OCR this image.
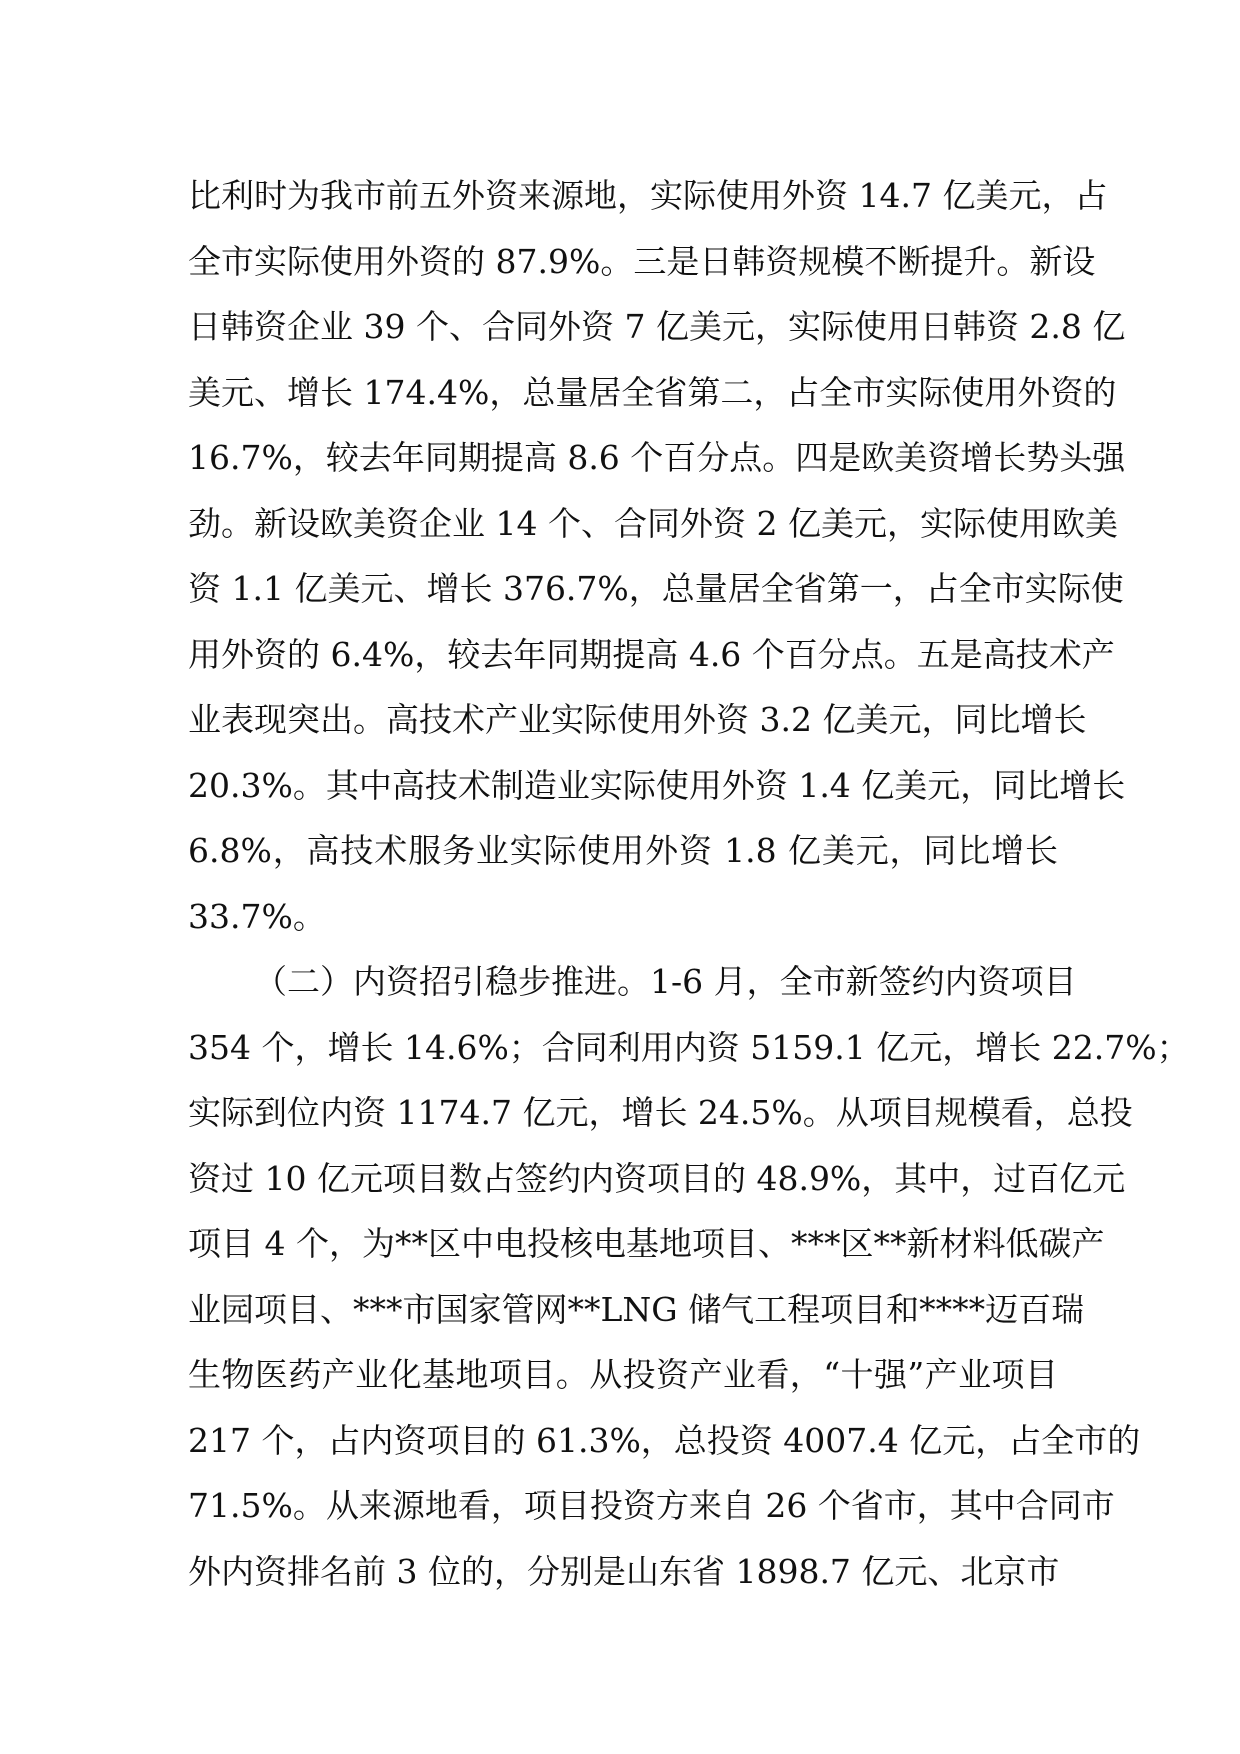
比利时为我市前五外资来源地，实际使用外资 14.7 亿美元，占
全市实际使用外资的 87.9%。三是日韩资规模不断提升。新设
日韩资企业 39 个、合同外资 7 亿美元，实际使用日韩资 2.8 亿
美元、增长 174.4%，总量居全省第二，占全市实际使用外资的
16.7%，较去年同期提高 8.6 个百分点。四是欧美资增长势头强
劲。新设欧美资企业 14 个、合同外资 2 亿美元，实际使用欧美
资 1.1 亿美元、增长 376.7%，总量居全省第一，占全市实际使
用外资的 6.4%，较去年同期提高 4.6 个百分点。五是高技术产
业表现突出。高技术产业实际使用外资 3.2 亿美元，同比增长
20.3%。其中高技术制造业实际使用外资 1.4 亿美元，同比增长
6.8%，高技术服务业实际使用外资 1.8 亿美元，同比增长
33.7%。
（二）内资招引稳步推进。1-6 月，全市新签约内资项目
354 个，增长 14.6%；合同利用内资 5159.1 亿元，增长 22.7%；
实际到位内资 1174.7 亿元，增长 24.5%。从项目规模看，总投
资过 10 亿元项目数占签约内资项目的 48.9%，其中，过百亿元
项目 4 个，为**区中电投核电基地项目、***区**新材料低碳产
业园项目、***市国家管网**LNG 储气工程项目和****迈百瑞
生物医药产业化基地项目。从投资产业看，“十强”产业项目
217 个，占内资项目的 61.3%，总投资 4007.4 亿元，占全市的
71.5%。从来源地看，项目投资方来自 26 个省市，其中合同市
外内资排名前 3 位的，分别是山东省 1898.7 亿元、北京市
